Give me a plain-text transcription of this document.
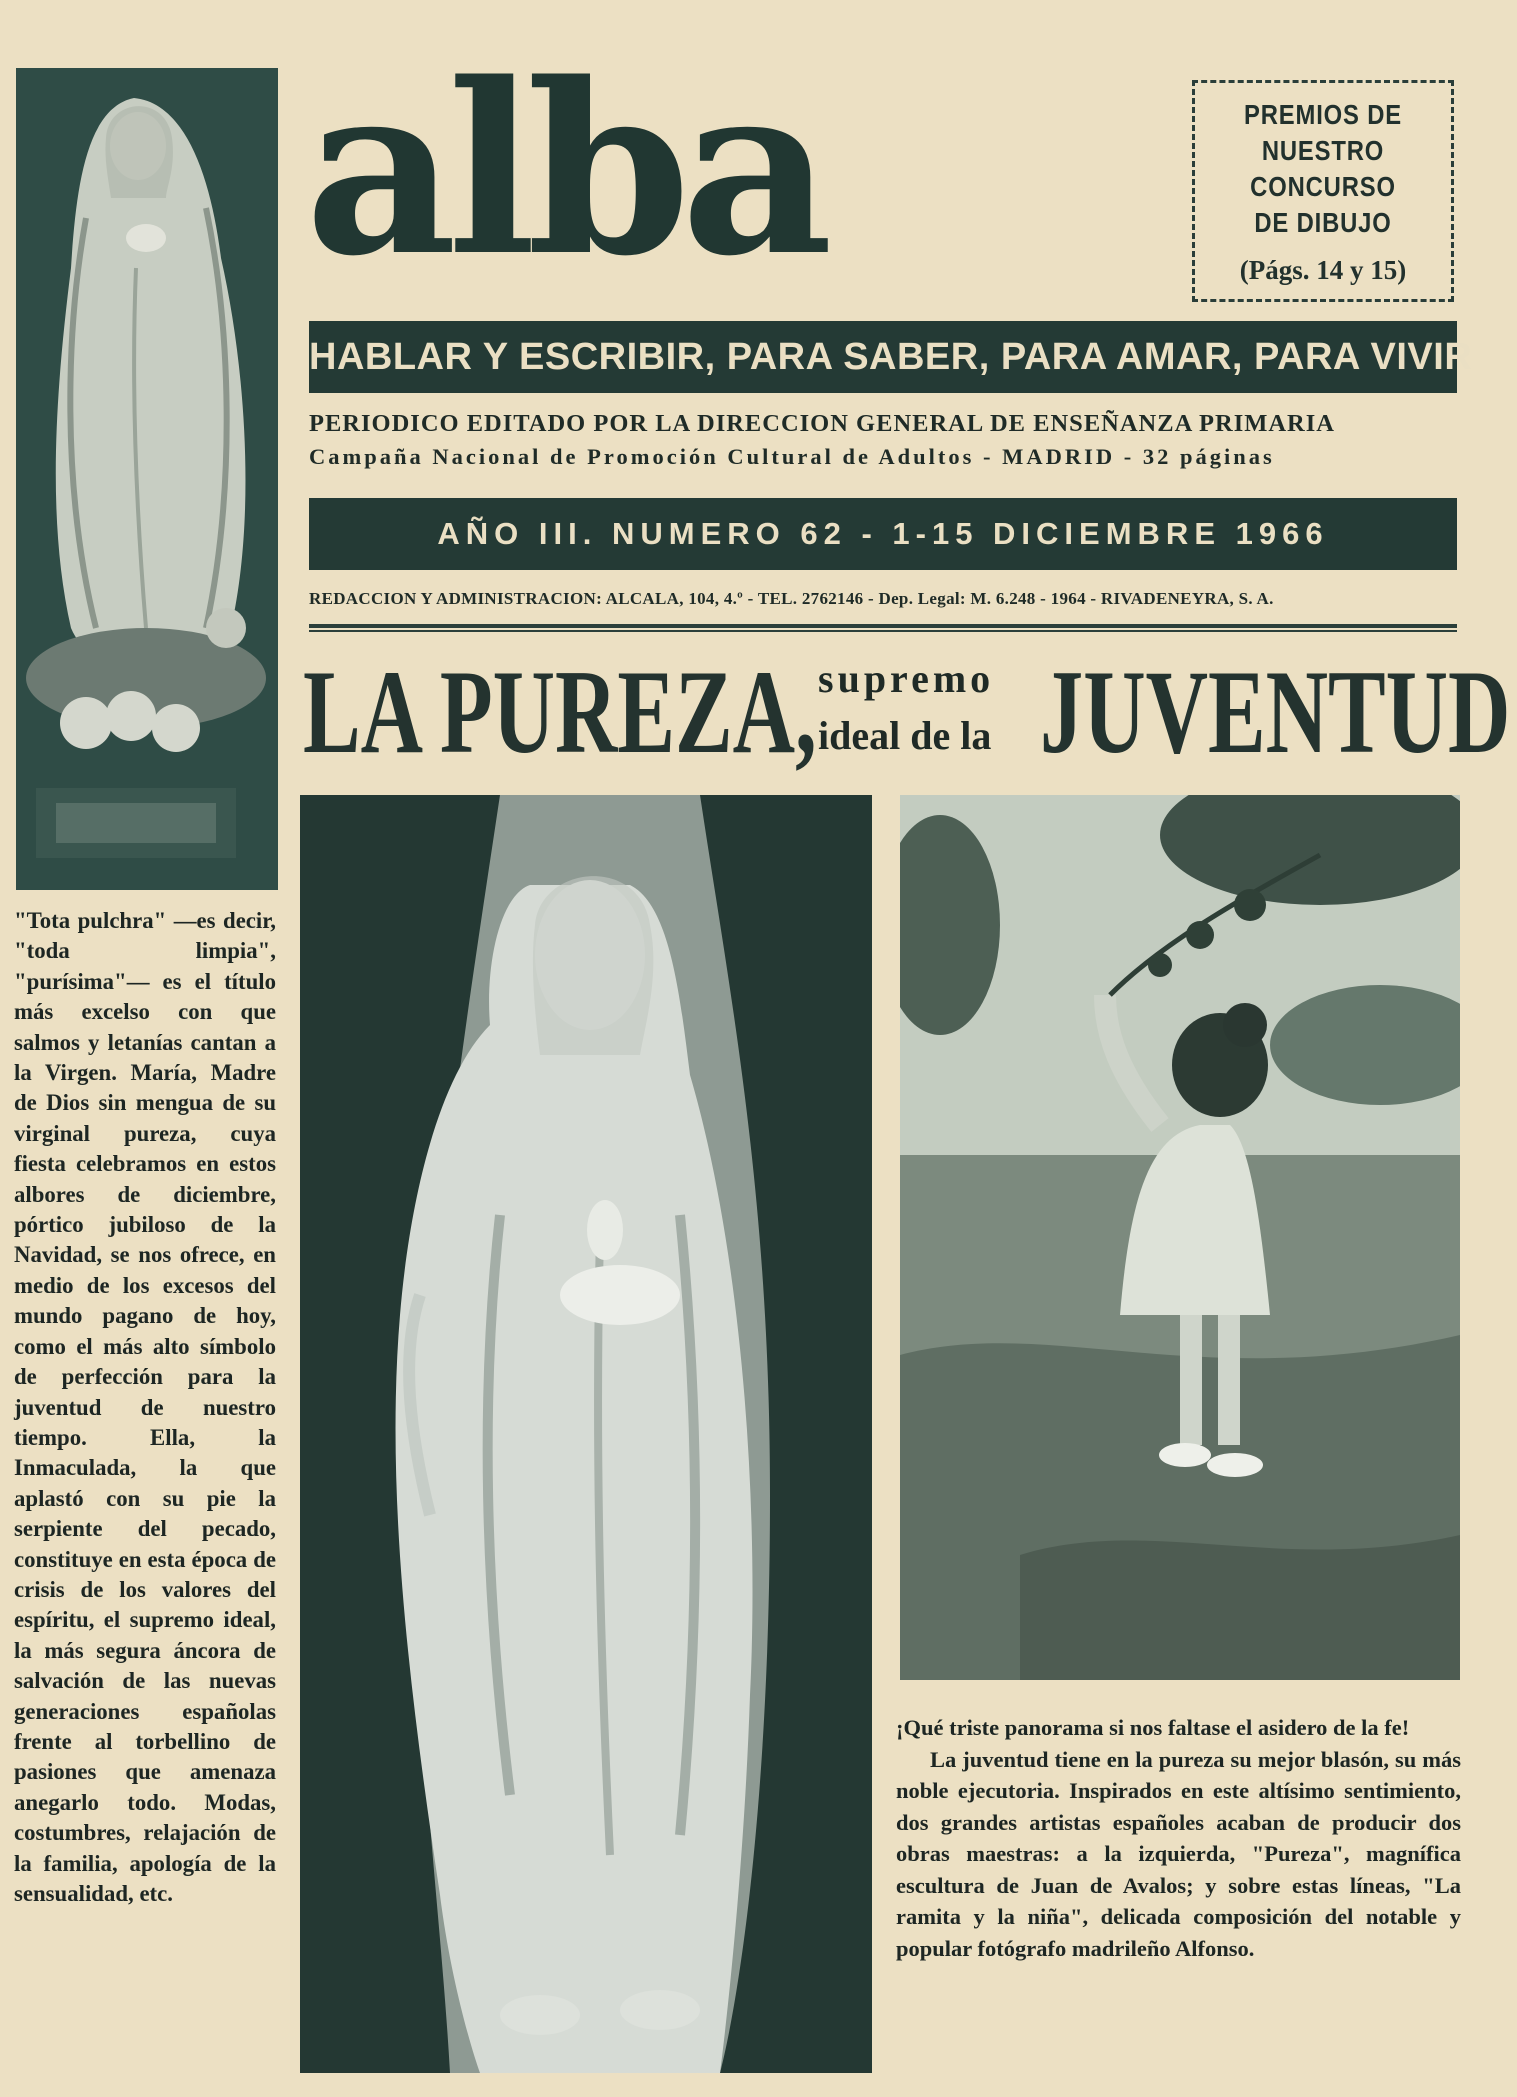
"Tota pulchra" —es decir, "toda limpia", "purísima"— es el título más excelso con que salmos y letanías cantan a la Virgen. María, Madre de Dios sin mengua de su virginal pureza, cuya fiesta celebramos en estos albores de diciembre, pórtico jubiloso de la Navidad, se nos ofrece, en medio de los excesos del mundo pagano de hoy, como el más alto símbolo de perfección para la juventud de nuestro tiempo. Ella, la Inmaculada, la que aplastó con su pie la serpiente del pecado, constituye en esta época de crisis de los valores del espíritu, el supremo ideal, la más segura áncora de salvación de las nuevas generaciones españolas frente al torbellino de pasiones que amenaza anegarlo todo. Modas, costumbres, relajación de la familia, apología de la sensualidad, etc.
alba	PREMIOS DE
NUESTRO CONCURSO
DE DIBUJO
(Págs. 14 y 15)
HABLAR Y ESCRIBIR, PARA SABER, PARA AMAR, PARA VIVIR
PERIODICO EDITADO POR LA DIRECCION GENERAL DE ENSEÑANZA PRIMARIA
Campaña Nacional de Promoción Cultural de Adultos - MADRID - 32 páginas
AÑO III. NUMERO 62 - 1-15 DICIEMBRE 1966
REDACCION Y ADMINISTRACION: ALCALA, 104, 4.º - TEL. 2762146 - Dep. Legal: M. 6.248 - 1964 - RIVADENEYRA, S. A.
LA PUREZA, supremo
ideal de la JUVENTUD

¡Qué triste panorama si nos faltase el asidero de la fe!

La juventud tiene en la pureza su mejor blasón, su más noble ejecutoria. Inspirados en este altísimo sentimiento, dos grandes artistas españoles acaban de producir dos obras maestras: a la izquierda, "Pureza", magnífica escultura de Juan de Avalos; y sobre estas líneas, "La ramita y la niña", delicada composición del notable y popular fotógrafo madrileño Alfonso.
